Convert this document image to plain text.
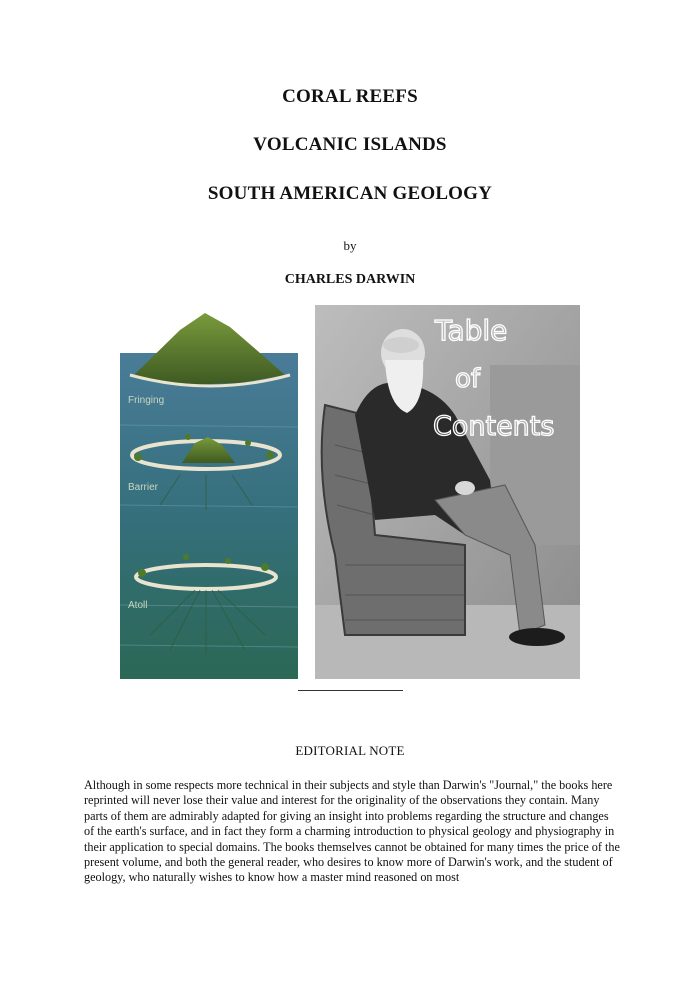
CORAL REEFS
VOLCANIC ISLANDS
SOUTH AMERICAN GEOLOGY
by
CHARLES DARWIN
Fringing
Barrier
Atoll
Table
of
Contents
EDITORIAL NOTE
Although in some respects more technical in their subjects and style than Darwin's "Journal," the books here reprinted will never lose their value and interest for the originality of the observations they contain. Many parts of them are admirably adapted for giving an insight into problems regarding the structure and changes of the earth's surface, and in fact they form a charming introduction to physical geology and physiography in their application to special domains. The books themselves cannot be obtained for many times the price of the present volume, and both the general reader, who desires to know more of Darwin's work, and the student of geology, who naturally wishes to know how a master mind reasoned on most
